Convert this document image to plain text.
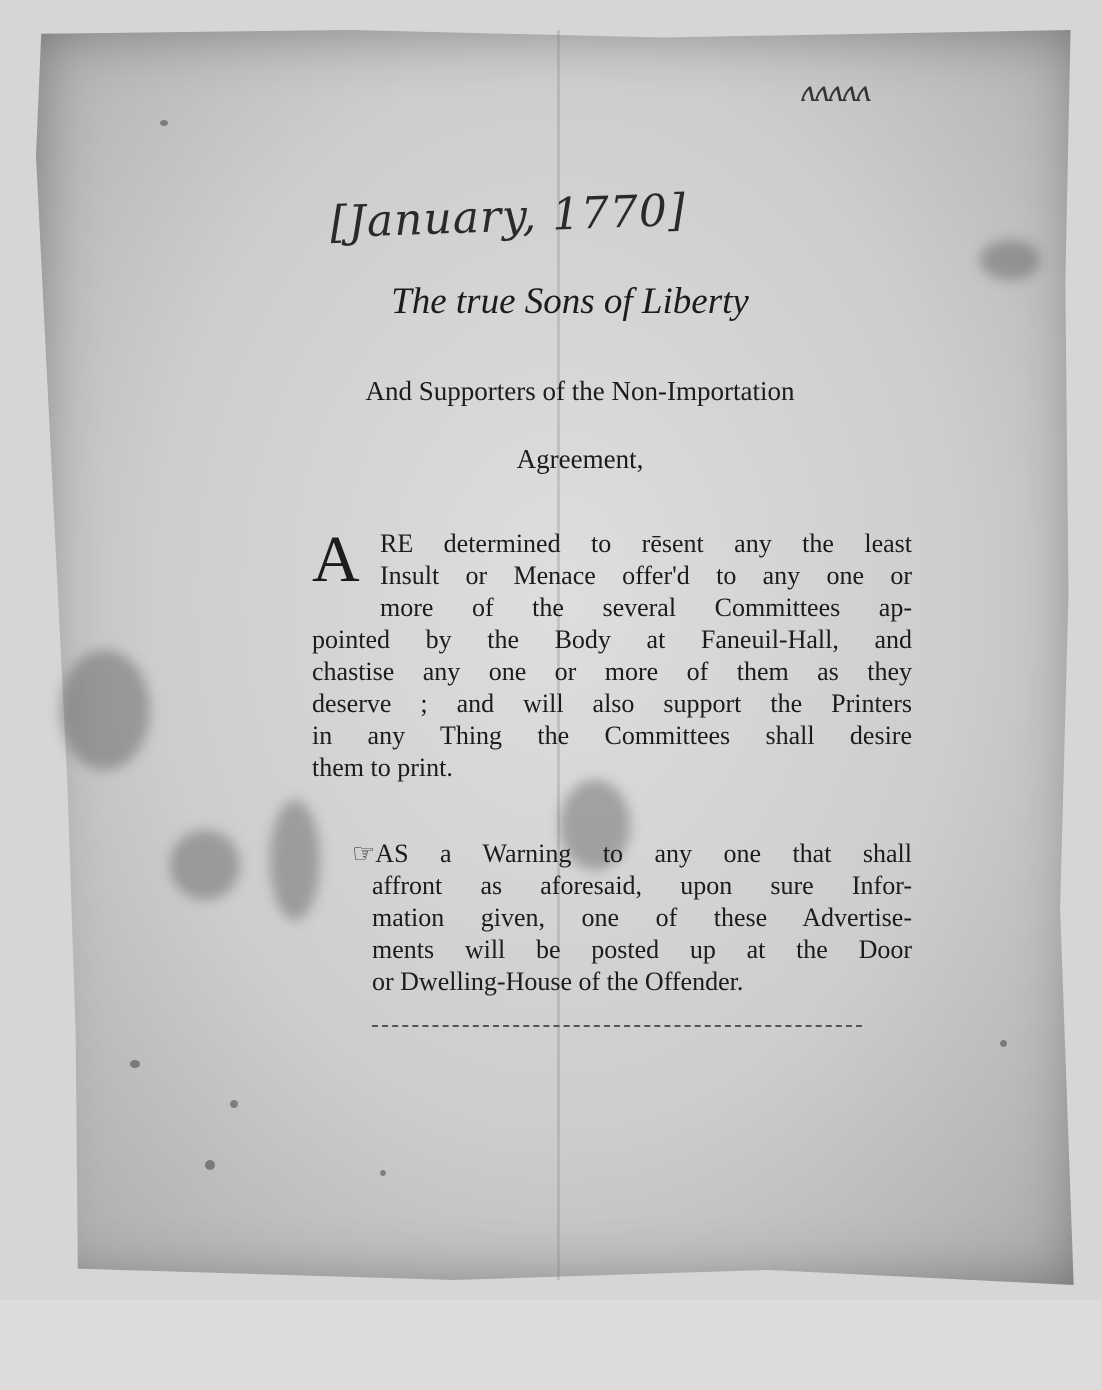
ʌʌʌʌʌ

[January, 1770]

The true Sons of Liberty

And Supporters of the Non-Importation

Agreement,

A RE determined to rēsent any the least
Insult or Menace offer'd to any one or
more of the several Committees ap-
pointed by the Body at Faneuil-Hall, and
chastise any one or more of them as they
deserve ; and will also support the Printers
in any Thing the Committees shall desire
them to print.
☞AS a Warning to any one that shall
affront as aforesaid, upon sure Infor-
mation given, one of these Advertise-
ments will be posted up at the Door
or Dwelling-House of the Offender.
